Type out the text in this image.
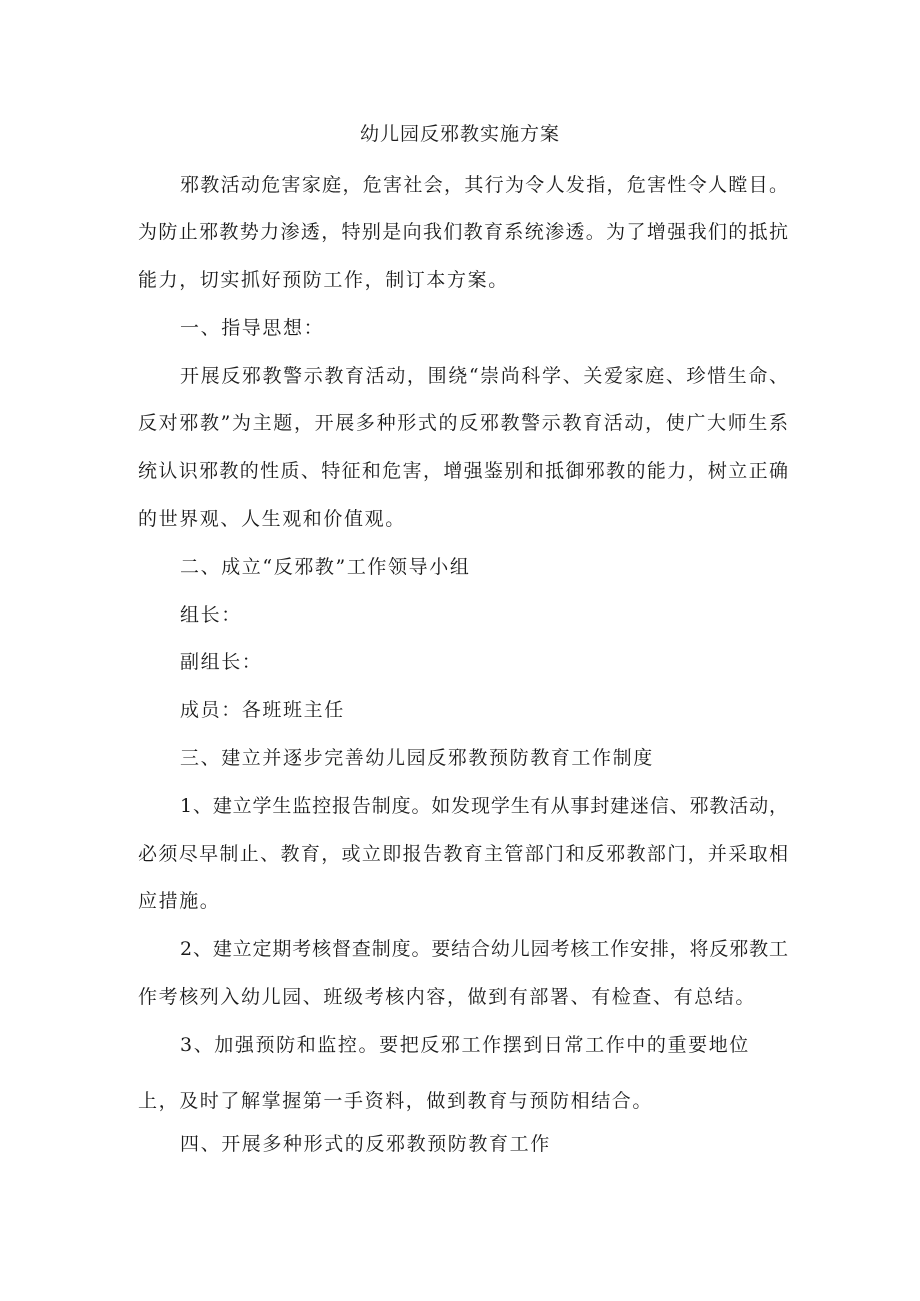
幼儿园反邪教实施方案
邪教活动危害家庭，危害社会，其行为令人发指，危害性令人瞠目。
为防止邪教势力渗透，特别是向我们教育系统渗透。为了增强我们的抵抗
能力，切实抓好预防工作，制订本方案。
一、指导思想：
开展反邪教警示教育活动，围绕“崇尚科学、关爱家庭、珍惜生命、
反对邪教”为主题，开展多种形式的反邪教警示教育活动，使广大师生系
统认识邪教的性质、特征和危害，增强鉴别和抵御邪教的能力，树立正确
的世界观、人生观和价值观。
二、成立“反邪教”工作领导小组
组长：
副组长：
成员：各班班主任
三、建立并逐步完善幼儿园反邪教预防教育工作制度
1、建立学生监控报告制度。如发现学生有从事封建迷信、邪教活动，
必须尽早制止、教育，或立即报告教育主管部门和反邪教部门，并采取相
应措施。
2、建立定期考核督查制度。要结合幼儿园考核工作安排，将反邪教工
作考核列入幼儿园、班级考核内容，做到有部署、有检查、有总结。
3、加强预防和监控。要把反邪工作摆到日常工作中的重要地位
上，及时了解掌握第一手资料，做到教育与预防相结合。
四、开展多种形式的反邪教预防教育工作
